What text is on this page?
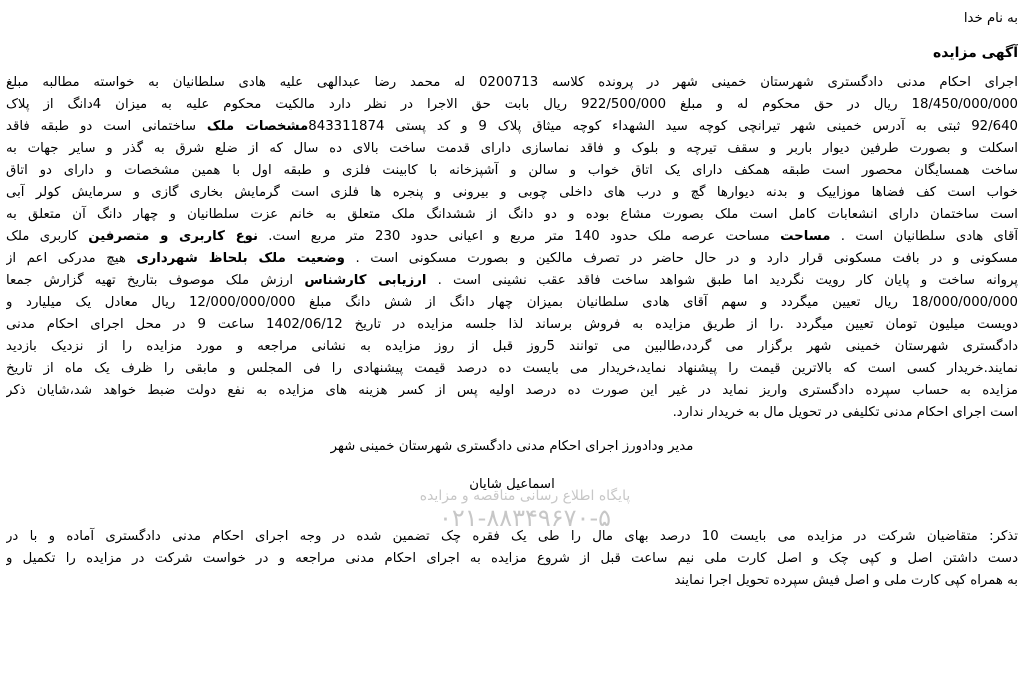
به نام خدا
آگهی مزایده
اجرای احکام مدنی دادگستری شهرستان خمینی شهر در پرونده کلاسه 0200713 له محمد رضا عبدالهی علیه هادی سلطانیان به خواسته مطالبه مبلغ
18/450/000/000 ریال در حق محکوم له و مبلغ 922/500/000 ریال بابت حق الاجرا در نظر دارد مالکیت محکوم علیه به میزان 4دانگ از پلاک
92/640 ثبتی به آدرس خمینی شهر تیرانچی کوچه سید الشهداء کوچه میثاق پلاک 9 و کد پستی 843311874مشخصات ملک ساختمانی است دو طبقه فاقد
اسکلت و بصورت طرفین دیوار باربر و سقف تیرچه و بلوک و فاقد نماسازی دارای قدمت ساخت بالای ده سال که از ضلع شرق به گذر و سایر جهات به
ساخت همسایگان محصور است طبقه همکف دارای یک اتاق خواب و سالن و آشپزخانه با کابینت فلزی و طبقه اول با همین مشخصات و دارای دو اتاق
خواب است کف فضاها موزاییک و بدنه دیوارها گچ و درب های داخلی چوبی و بیرونی و پنجره ها فلزی است گرمایش بخاری گازی و سرمایش کولر آبی
است ساختمان دارای انشعابات کامل است ملک بصورت مشاع بوده و دو دانگ از ششدانگ ملک متعلق به خانم عزت سلطانیان و چهار دانگ آن متعلق به
آقای هادی سلطانیان است . مساحت مساحت عرصه ملک حدود 140 متر مربع و اعیانی حدود 230 متر مربع است. نوع کاربری و متصرفین کاربری ملک
مسکونی و در بافت مسکونی قرار دارد و در حال حاضر در تصرف مالکین و بصورت مسکونی است . وضعیت ملک بلحاظ شهرداری هیچ مدرکی اعم از
پروانه ساخت و پایان کار رویت نگردید اما طبق شواهد ساخت فاقد عقب نشینی است . ارزیابی کارشناس ارزش ملک موصوف بتاریخ تهیه گزارش جمعا
18/000/000/000 ریال تعیین میگردد و سهم آقای هادی سلطانیان بمیزان چهار دانگ از شش دانگ مبلغ 12/000/000/000 ریال معادل یک میلیارد و
دویست میلیون تومان تعیین میگردد .را از طریق مزایده به فروش برساند لذا جلسه مزایده در تاریخ 1402/06/12 ساعت 9 در محل اجرای احکام مدنی
دادگستری شهرستان خمینی شهر برگزار می گردد،طالبین می توانند 5روز قبل از روز مزایده به نشانی مراجعه و مورد مزایده را از نزدیک بازدید
نمایند.خریدار کسی است که بالاترین قیمت را پیشنهاد نماید،خریدار می بایست ده درصد قیمت پیشنهادی را فی المجلس و مابقی را ظرف یک ماه از تاریخ
مزایده به حساب سپرده دادگستری واریز نماید در غیر این صورت ده درصد اولیه پس از کسر هزینه های مزایده به نفع دولت ضبط خواهد شد،شایان ذکر
است اجرای احکام مدنی تکلیفی در تحویل مال به خریدار ندارد.
مدیر ودادورز اجرای احکام مدنی دادگستری شهرستان خمینی شهر
اسماعیل شایان
تذکر: متقاضیان شرکت در مزایده می بایست 10 درصد بهای مال را طی یک فقره چک تضمین شده در وجه اجرای احکام مدنی دادگستری آماده و با در
دست داشتن اصل و کپی چک و اصل کارت ملی نیم ساعت قبل از شروع مزایده به اجرای احکام مدنی مراجعه و در خواست شرکت در مزایده را تکمیل و
به همراه کپی کارت ملی و اصل فیش سپرده تحویل اجرا نمایند
پایگاه اطلاع رسانی مناقصه و مزایده
۰۲۱-۸۸۳۴۹۶۷۰-۵
